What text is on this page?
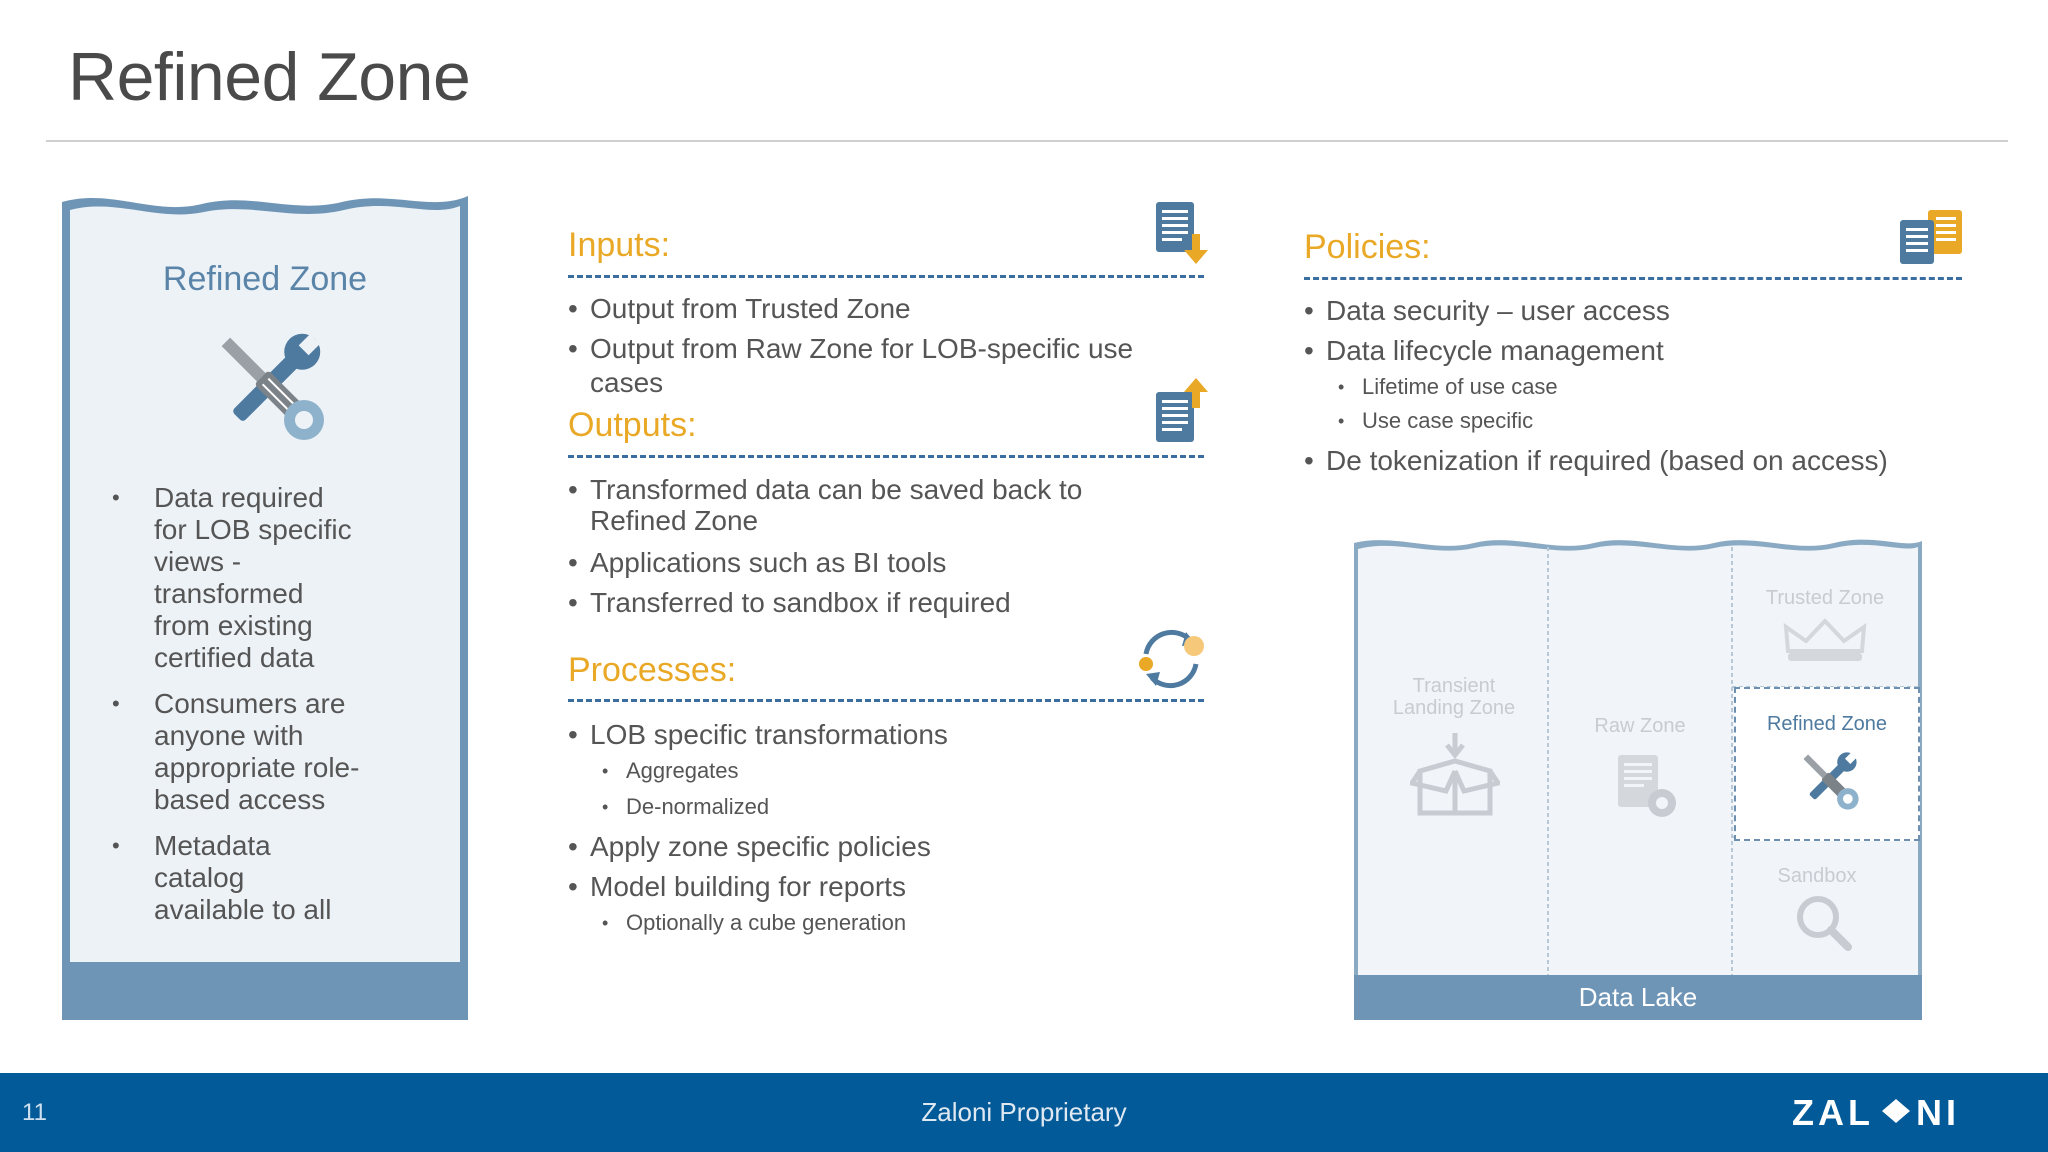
Refined Zone
Refined Zone
• Data required for LOB specific views - transformed from existing certified data
• Consumers are anyone with appropriate role-based access
• Metadata catalog available to all
Inputs:
• Output from Trusted Zone
• Output from Raw Zone for LOB-specific use cases
Outputs:
• Transformed data can be saved back to Refined Zone
• Applications such as BI tools
• Transferred to sandbox if required
Processes:
• LOB specific transformations
• Aggregates
• De-normalized
• Apply zone specific policies
• Model building for reports
• Optionally a cube generation
Policies:
• Data security – user access
• Data lifecycle management
• Lifetime of use case
• Use case specific
• De tokenization if required (based on access)
Transient
Landing Zone
Raw Zone
Trusted Zone
Refined Zone
Sandbox
Data Lake
11	Zaloni Proprietary	ZAL NI
